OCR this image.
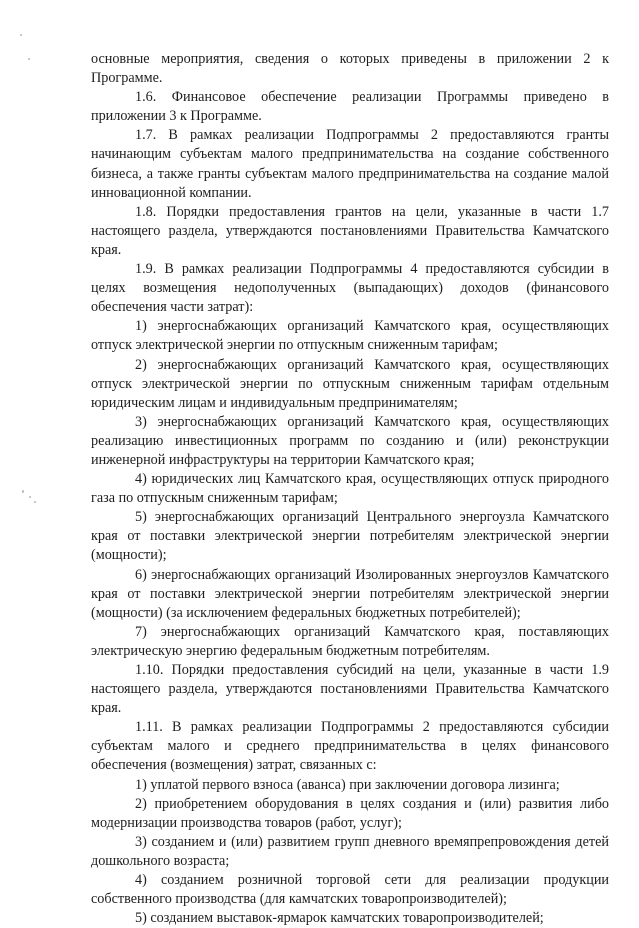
основные мероприятия, сведения о которых приведены в приложении 2 к Программе.

1.6. Финансовое обеспечение реализации Программы приведено в приложении 3 к Программе.

1.7. В рамках реализации Подпрограммы 2 предоставляются гранты начинающим субъектам малого предпринимательства на создание собственного бизнеса, а также гранты субъектам малого предпринимательства на создание малой инновационной компании.

1.8. Порядки предоставления грантов на цели, указанные в части 1.7 настоящего раздела, утверждаются постановлениями Правительства Камчатского края.

1.9. В рамках реализации Подпрограммы 4 предоставляются субсидии в целях возмещения недополученных (выпадающих) доходов (финансового обеспечения части затрат):

1) энергоснабжающих организаций Камчатского края, осуществляющих отпуск электрической энергии по отпускным сниженным тарифам;

2) энергоснабжающих организаций Камчатского края, осуществляющих отпуск электрической энергии по отпускным сниженным тарифам отдельным юридическим лицам и индивидуальным предпринимателям;

3) энергоснабжающих организаций Камчатского края, осуществляющих реализацию инвестиционных программ по созданию и (или) реконструкции инженерной инфраструктуры на территории Камчатского края;

4) юридических лиц Камчатского края, осуществляющих отпуск природного газа по отпускным сниженным тарифам;

5) энергоснабжающих организаций Центрального энергоузла Камчатского края от поставки электрической энергии потребителям электрической энергии (мощности);

6) энергоснабжающих организаций Изолированных энергоузлов Камчатского края от поставки электрической энергии потребителям электрической энергии (мощности) (за исключением федеральных бюджетных потребителей);

7) энергоснабжающих организаций Камчатского края, поставляющих электрическую энергию федеральным бюджетным потребителям.

1.10. Порядки предоставления субсидий на цели, указанные в части 1.9 настоящего раздела, утверждаются постановлениями Правительства Камчатского края.

1.11. В рамках реализации Подпрограммы 2 предоставляются субсидии субъектам малого и среднего предпринимательства в целях финансового обеспечения (возмещения) затрат, связанных с:

1) уплатой первого взноса (аванса) при заключении договора лизинга;

2) приобретением оборудования в целях создания и (или) развития либо модернизации производства товаров (работ, услуг);

3) созданием и (или) развитием групп дневного времяпрепровождения детей дошкольного возраста;

4) созданием розничной торговой сети для реализации продукции собственного производства (для камчатских товаропроизводителей);

5) созданием выставок-ярмарок камчатских товаропроизводителей;
